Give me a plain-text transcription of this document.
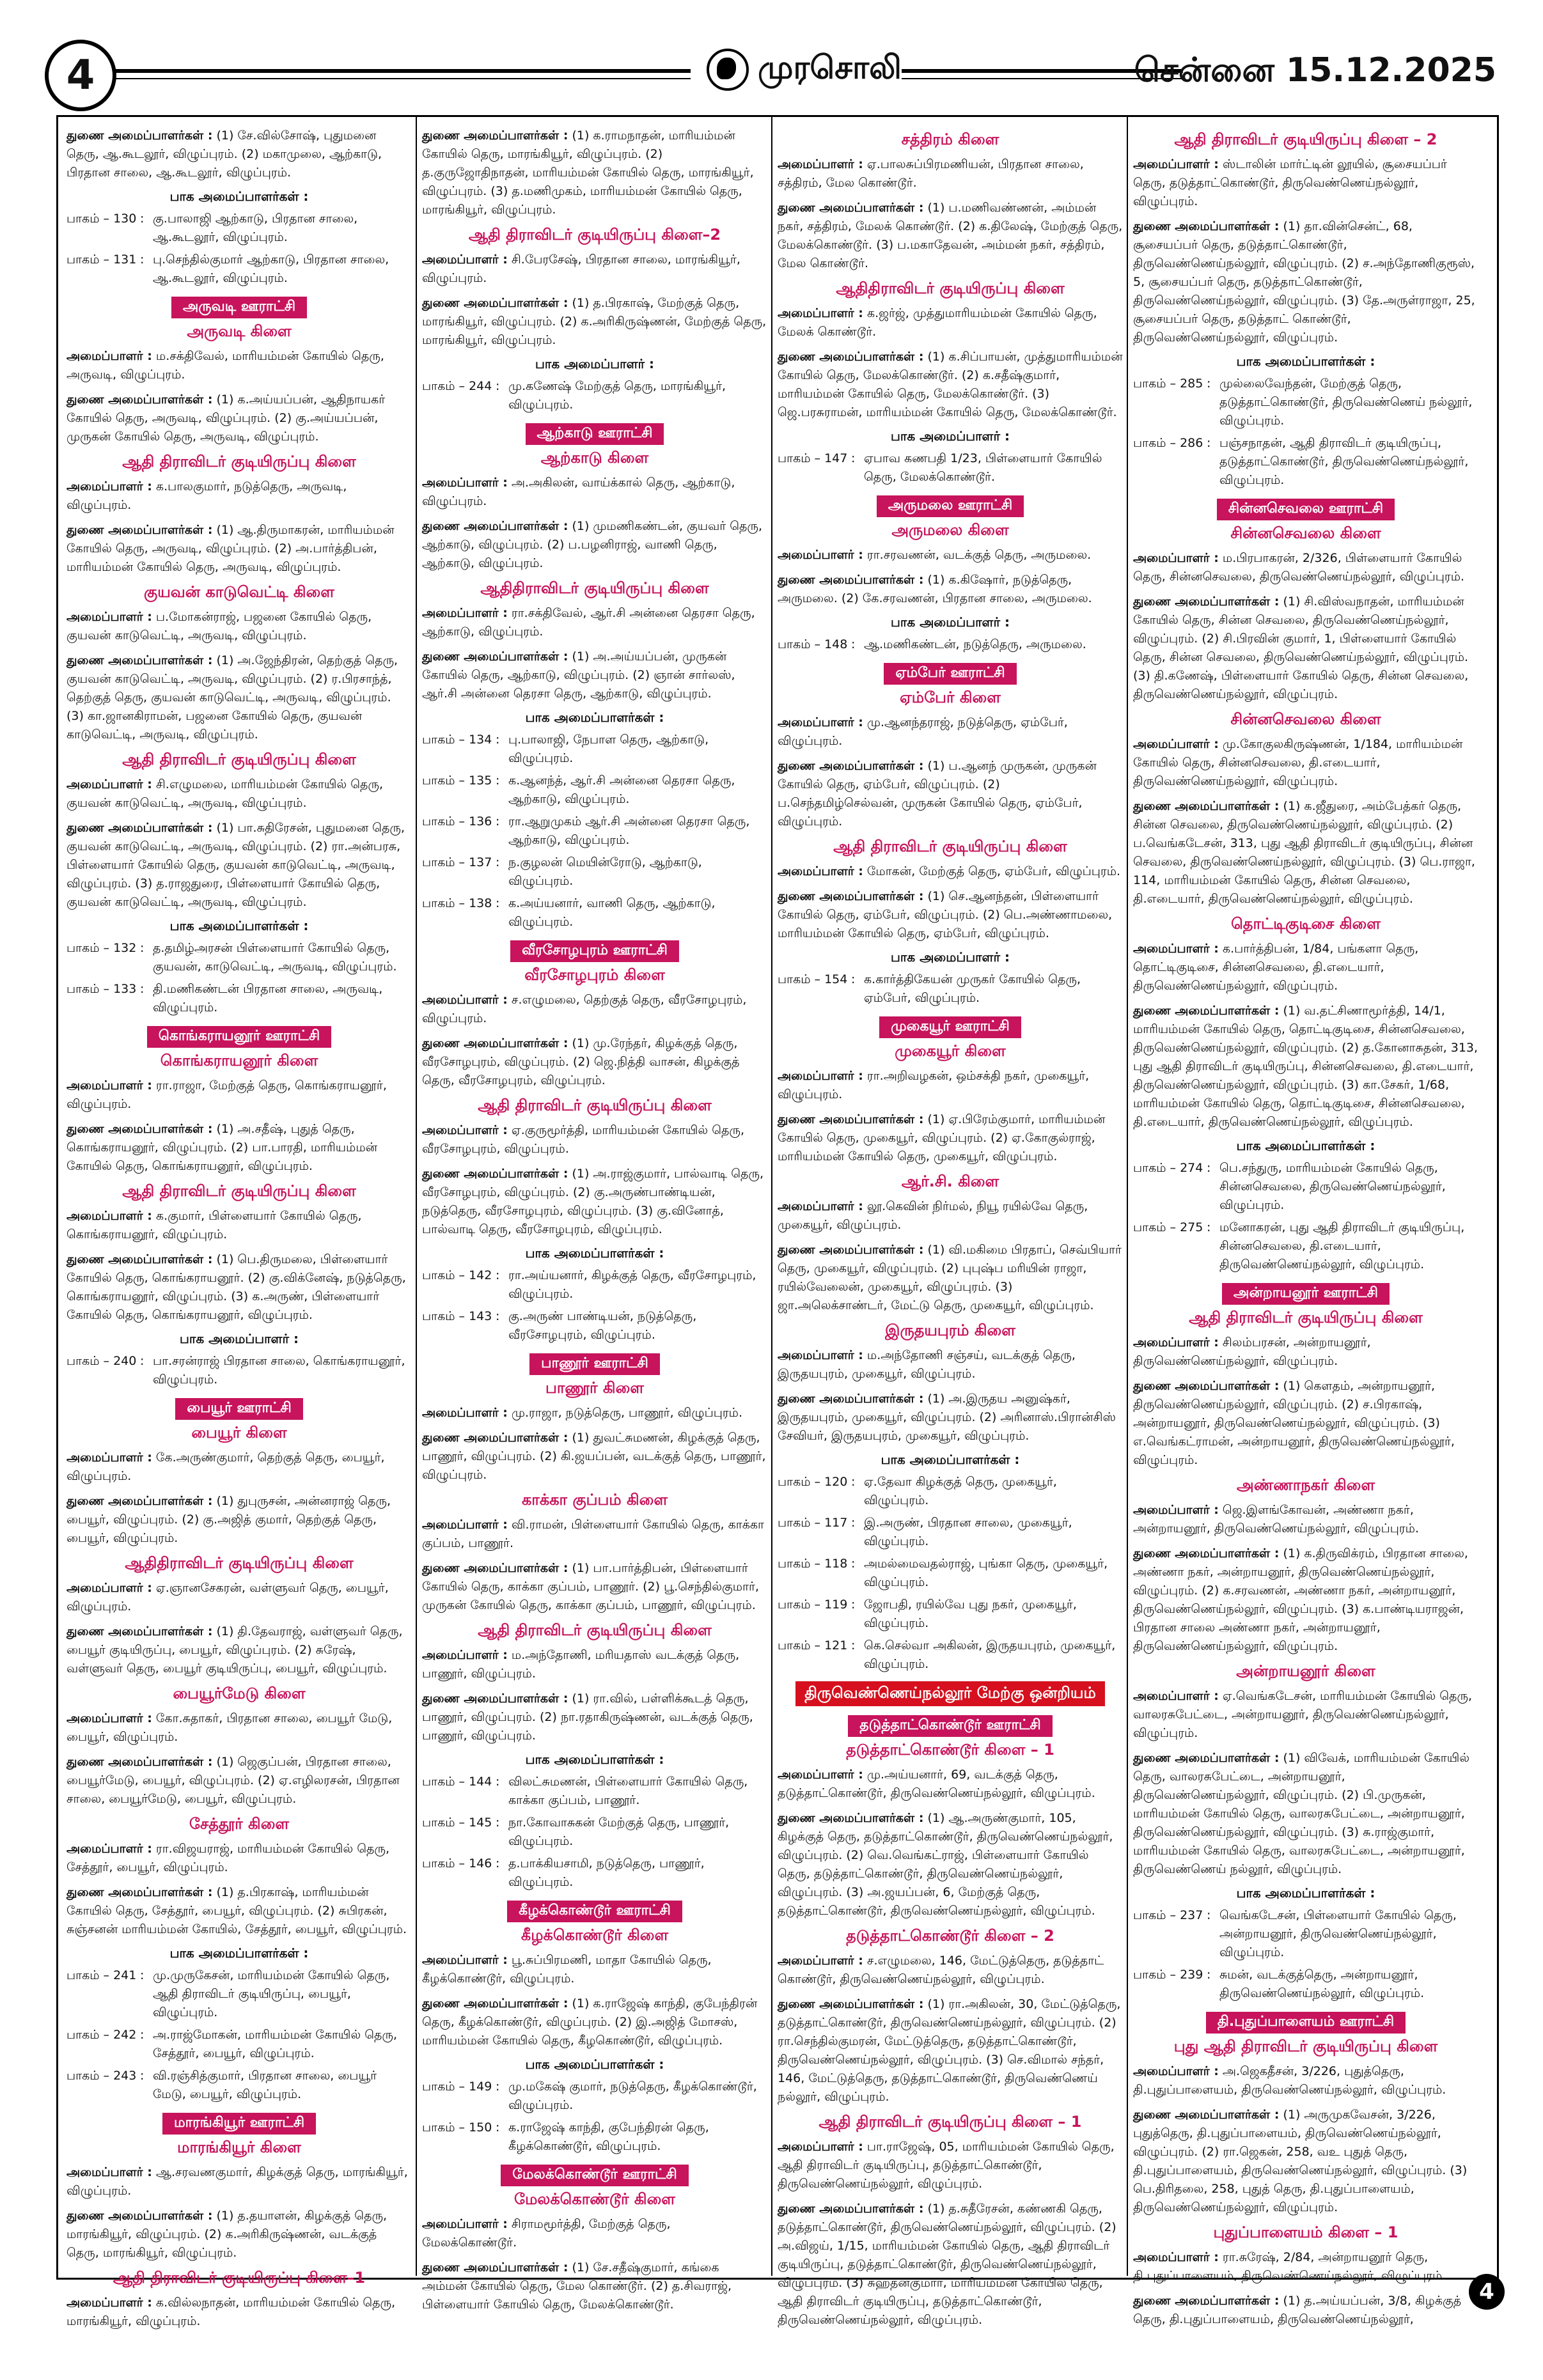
4	முரசொலி	சென்னை 15.12.2025
துணை அமைப்பாளர்கள் : (1) சே.வில்சோஷ், புதுமனை தெரு, ஆ.கூடலூர், விழுப்புரம். (2) மகாமுலை, ஆற்காடு, பிரதான சாலை, ஆ.கூடலூர், விழுப்புரம்.
பாக அமைப்பாளர்கள் :
பாகம் – 130 : கு.பாலாஜி ஆற்காடு, பிரதான சாலை, ஆ.கூடலூர், விழுப்புரம்.
பாகம் – 131 : பு.செந்தில்குமார் ஆற்காடு, பிரதான சாலை, ஆ.கூடலூர், விழுப்புரம்.
அருவடி ஊராட்சி
அருவடி கிளை
அமைப்பாளர் : ம.சக்திவேல், மாரியம்மன் கோயில் தெரு, அருவடி, விழுப்புரம்.
துணை அமைப்பாளர்கள் : (1) க.அய்யப்பன், ஆதிநாயகர் கோயில் தெரு, அருவடி, விழுப்புரம். (2) கு.அய்யப்பன், முருகன் கோயில் தெரு, அருவடி, விழுப்புரம்.
ஆதி திராவிடர் குடியிருப்பு கிளை
அமைப்பாளர் : க.பாலகுமார், நடுத்தெரு, அருவடி, விழுப்புரம்.
துணை அமைப்பாளர்கள் : (1) ஆ.திருமாகரன், மாரியம்மன் கோயில் தெரு, அருவடி, விழுப்புரம். (2) அ.பார்த்திபன், மாரியம்மன் கோயில் தெரு, அருவடி, விழுப்புரம்.
குயவன் காடுவெட்டி கிளை
அமைப்பாளர் : ப.மோகன்ராஜ், பஜனை கோயில் தெரு, குயவன் காடுவெட்டி, அருவடி, விழுப்புரம்.
துணை அமைப்பாளர்கள் : (1) அ.ஜேந்திரன், தெற்குத் தெரு, குயவன் காடுவெட்டி, அருவடி, விழுப்புரம். (2) ர.பிரசாந்த், தெற்குத் தெரு, குயவன் காடுவெட்டி, அருவடி, விழுப்புரம். (3) கா.ஜானகிராமன், பஜனை கோயில் தெரு, குயவன் காடுவெட்டி, அருவடி, விழுப்புரம்.
ஆதி திராவிடர் குடியிருப்பு கிளை
அமைப்பாளர் : சி.எழுமலை, மாரியம்மன் கோயில் தெரு, குயவன் காடுவெட்டி, அருவடி, விழுப்புரம்.
துணை அமைப்பாளர்கள் : (1) பா.சுதிரேசன், புதுமனை தெரு, குயவன் காடுவெட்டி, அருவடி, விழுப்புரம். (2) ரா.அன்பரசு, பிள்ளையார் கோயில் தெரு, குயவன் காடுவெட்டி, அருவடி, விழுப்புரம். (3) த.ராஜதுரை, பிள்ளையார் கோயில் தெரு, குயவன் காடுவெட்டி, அருவடி, விழுப்புரம்.
பாக அமைப்பாளர்கள் :
பாகம் – 132 : த.தமிழ்அரசன் பிள்ளையார் கோயில் தெரு, குயவன், காடுவெட்டி, அருவடி, விழுப்புரம்.
பாகம் – 133 : தி.மணிகண்டன் பிரதான சாலை, அருவடி, விழுப்புரம்.
கொங்கராயனூர் ஊராட்சி
கொங்கராயனூர் கிளை
அமைப்பாளர் : ரா.ராஜா, மேற்குத் தெரு, கொங்கராயனூர், விழுப்புரம்.
துணை அமைப்பாளர்கள் : (1) அ.சதீஷ், புதுத் தெரு, கொங்கராயனூர், விழுப்புரம். (2) பா.பாரதி, மாரியம்மன் கோயில் தெரு, கொங்கராயனூர், விழுப்புரம்.
ஆதி திராவிடர் குடியிருப்பு கிளை
அமைப்பாளர் : க.குமார், பிள்ளையார் கோயில் தெரு, கொங்கராயனூர், விழுப்புரம்.
துணை அமைப்பாளர்கள் : (1) பெ.திருமலை, பிள்ளையார் கோயில் தெரு, கொங்கராயனூர். (2) கு.விக்னேஷ், நடுத்தெரு, கொங்கராயனூர், விழுப்புரம். (3) க.அருண், பிள்ளையார் கோயில் தெரு, கொங்கராயனூர், விழுப்புரம்.
பாக அமைப்பாளர் :
பாகம் – 240 : பா.சரன்ராஜ் பிரதான சாலை, கொங்கராயனூர், விழுப்புரம்.
பையூர் ஊராட்சி
பையூர் கிளை
அமைப்பாளர் : கே.அருண்குமார், தெற்குத் தெரு, பையூர், விழுப்புரம்.
துணை அமைப்பாளர்கள் : (1) துபுருசன், அன்னராஜ் தெரு, பையூர், விழுப்புரம். (2) கு.அஜித் குமார், தெற்குத் தெரு, பையூர், விழுப்புரம்.
ஆதிதிராவிடர் குடியிருப்பு கிளை
அமைப்பாளர் : ஏ.ஞானசேகரன், வள்ளுவர் தெரு, பையூர், விழுப்புரம்.
துணை அமைப்பாளர்கள் : (1) தி.தேவராஜ், வள்ளுவர் தெரு, பையூர் குடியிருப்பு, பையூர், விழுப்புரம். (2) சுரேஷ், வள்ளுவர் தெரு, பையூர் குடியிருப்பு, பையூர், விழுப்புரம்.
பையூர்மேடு கிளை
அமைப்பாளர் : கோ.சுதாகர், பிரதான சாலை, பையூர் மேடு, பையூர், விழுப்புரம்.
துணை அமைப்பாளர்கள் : (1) ஜெகுப்பன், பிரதான சாலை, பையூர்மேடு, பையூர், விழுப்புரம். (2) ஏ.எழிலரசன், பிரதான சாலை, பையூர்மேடு, பையூர், விழுப்புரம்.
சேத்தூர் கிளை
அமைப்பாளர் : ரா.விஜயராஜ், மாரியம்மன் கோயில் தெரு, சேத்தூர், பையூர், விழுப்புரம்.
துணை அமைப்பாளர்கள் : (1) த.பிரகாஷ், மாரியம்மன் கோயில் தெரு, சேத்தூர், பையூர், விழுப்புரம். (2) சுபிரகன், சுஞ்சனன் மாரியம்மன் கோயில், சேத்தூர், பையூர், விழுப்புரம்.
பாக அமைப்பாளர்கள் :
பாகம் – 241 : மு.முருகேசன், மாரியம்மன் கோயில் தெரு, ஆதி திராவிடர் குடியிருப்பு, பையூர், விழுப்புரம்.
பாகம் – 242 : அ.ராஜ்மோகன், மாரியம்மன் கோயில் தெரு, சேத்தூர், பையூர், விழுப்புரம்.
பாகம் – 243 : வி.ரஞ்சித்குமார், பிரதான சாலை, பையூர் மேடு, பையூர், விழுப்புரம்.
மாரங்கியூர் ஊராட்சி
மாரங்கியூர் கிளை
அமைப்பாளர் : ஆ.சரவணகுமார், கிழக்குத் தெரு, மாரங்கியூர், விழுப்புரம்.
துணை அமைப்பாளர்கள் : (1) த.தயாளன், கிழக்குத் தெரு, மாரங்கியூர், விழுப்புரம். (2) க.அரிகிருஷ்ணன், வடக்குத் தெரு, மாரங்கியூர், விழுப்புரம்.
ஆதி திராவிடர் குடியிருப்பு கிளை–1
அமைப்பாளர் : க.வில்லநாதன், மாரியம்மன் கோயில் தெரு, மாரங்கியூர், விழுப்புரம்.
துணை அமைப்பாளர்கள் : (1) க.ராமநாதன், மாரியம்மன் கோயில் தெரு, மாரங்கியூர், விழுப்புரம். (2) த.குருஜோதிநாதன், மாரியம்மன் கோயில் தெரு, மாரங்கியூர், விழுப்புரம். (3) த.மணிமுகம், மாரியம்மன் கோயில் தெரு, மாரங்கியூர், விழுப்புரம்.
ஆதி திராவிடர் குடியிருப்பு கிளை–2
அமைப்பாளர் : சி.பேரசேஷ், பிரதான சாலை, மாரங்கியூர், விழுப்புரம்.
துணை அமைப்பாளர்கள் : (1) த.பிரகாஷ், மேற்குத் தெரு, மாரங்கியூர், விழுப்புரம். (2) க.அரிகிருஷ்ணன், மேற்குத் தெரு, மாரங்கியூர், விழுப்புரம்.
பாக அமைப்பாளர் :
பாகம் – 244 : மு.கணேஷ் மேற்குத் தெரு, மாரங்கியூர், விழுப்புரம்.
ஆற்காடு ஊராட்சி
ஆற்காடு கிளை
அமைப்பாளர் : அ.அகிலன், வாய்க்கால் தெரு, ஆற்காடு, விழுப்புரம்.
துணை அமைப்பாளர்கள் : (1) முமணிகண்டன், குயவர் தெரு, ஆற்காடு, விழுப்புரம். (2) ப.பழனிராஜ், வாணி தெரு, ஆற்காடு, விழுப்புரம்.
ஆதிதிராவிடர் குடியிருப்பு கிளை
அமைப்பாளர் : ரா.சக்திவேல், ஆர்.சி அன்னை தெரசா தெரு, ஆற்காடு, விழுப்புரம்.
துணை அமைப்பாளர்கள் : (1) அ.அய்யப்பன், முருகன் கோயில் தெரு, ஆற்காடு, விழுப்புரம். (2) ஞான் சார்லஸ், ஆர்.சி அன்னை தெரசா தெரு, ஆற்காடு, விழுப்புரம்.
பாக அமைப்பாளர்கள் :
பாகம் – 134 : பு.பாலாஜி, நேபாள தெரு, ஆற்காடு, விழுப்புரம்.
பாகம் – 135 : க.ஆனந்த், ஆர்.சி அன்னை தெரசா தெரு, ஆற்காடு, விழுப்புரம்.
பாகம் – 136 : ரா.ஆறுமுகம் ஆர்.சி அன்னை தெரசா தெரு, ஆற்காடு, விழுப்புரம்.
பாகம் – 137 : ந.குழலன் மெயின்ரோடு, ஆற்காடு, விழுப்புரம்.
பாகம் – 138 : க.அய்யனார், வாணி தெரு, ஆற்காடு, விழுப்புரம்.
வீரசோழபுரம் ஊராட்சி
வீரசோழபுரம் கிளை
அமைப்பாளர் : ச.எழுமலை, தெற்குத் தெரு, வீரசோழபுரம், விழுப்புரம்.
துணை அமைப்பாளர்கள் : (1) மு.ரேந்தர், கிழக்குத் தெரு, வீரசோழபுரம், விழுப்புரம். (2) ஜெ.நித்தி வாசன், கிழக்குத் தெரு, வீரசோழபுரம், விழுப்புரம்.
ஆதி திராவிடர் குடியிருப்பு கிளை
அமைப்பாளர் : ஏ.குருமூர்த்தி, மாரியம்மன் கோயில் தெரு, வீரசோழபுரம், விழுப்புரம்.
துணை அமைப்பாளர்கள் : (1) அ.ராஜ்குமார், பால்வாடி தெரு, வீரசோழபுரம், விழுப்புரம். (2) கு.அருண்பாண்டியன், நடுத்தெரு, வீரசோழபுரம், விழுப்புரம். (3) கு.வினோத், பால்வாடி தெரு, வீரசோழபுரம், விழுப்புரம்.
பாக அமைப்பாளர்கள் :
பாகம் – 142 : ரா.அய்யனார், கிழக்குத் தெரு, வீரசோழபுரம், விழுப்புரம்.
பாகம் – 143 : கு.அருண் பாண்டியன், நடுத்தெரு, வீரசோழபுரம், விழுப்புரம்.
பாணூர் ஊராட்சி
பாணூர் கிளை
அமைப்பாளர் : மு.ராஜா, நடுத்தெரு, பாணூர், விழுப்புரம்.
துணை அமைப்பாளர்கள் : (1) துவட்சுமணன், கிழக்குத் தெரு, பாணூர், விழுப்புரம். (2) கி.ஜயப்பன், வடக்குத் தெரு, பாணூர், விழுப்புரம்.
காக்கா குப்பம் கிளை
அமைப்பாளர் : வி.ராமன், பிள்ளையார் கோயில் தெரு, காக்கா குப்பம், பாணூர்.
துணை அமைப்பாளர்கள் : (1) பா.பார்த்திபன், பிள்ளையார் கோயில் தெரு, காக்கா குப்பம், பாணூர். (2) பூ.செந்தில்குமார், முருகன் கோயில் தெரு, காக்கா குப்பம், பாணூர், விழுப்புரம்.
ஆதி திராவிடர் குடியிருப்பு கிளை
அமைப்பாளர் : ம.அந்தோணி, மரியதாஸ் வடக்குத் தெரு, பாணூர், விழுப்புரம்.
துணை அமைப்பாளர்கள் : (1) ரா.வில், பள்ளிக்கூடத் தெரு, பாணூர், விழுப்புரம். (2) நா.ரதாகிருஷ்ணன், வடக்குத் தெரு, பாணூர், விழுப்புரம்.
பாக அமைப்பாளர்கள் :
பாகம் – 144 : விலட்சுமணன், பிள்ளையார் கோயில் தெரு, காக்கா குப்பம், பாணூர்.
பாகம் – 145 : நா.கோவாசுகன் மேற்குத் தெரு, பாணூர், விழுப்புரம்.
பாகம் – 146 : த.பாக்கியசாமி, நடுத்தெரு, பாணூர், விழுப்புரம்.
கீழக்கொண்டூர் ஊராட்சி
கீழக்கொண்டூர் கிளை
அமைப்பாளர் : பூ.சுப்பிரமணி, மாதா கோயில் தெரு, கீழக்கொண்டூர், விழுப்புரம்.
துணை அமைப்பாளர்கள் : (1) க.ராஜேஷ் காந்தி, குபேந்திரன் தெரு, கீழக்கொண்டூர், விழுப்புரம். (2) இ.அஜித் மோசஸ், மாரியம்மன் கோயில் தெரு, கீழகொண்டூர், விழுப்புரம்.
பாக அமைப்பாளர்கள் :
பாகம் – 149 : மு.மகேஷ் குமார், நடுத்தெரு, கீழக்கொண்டூர், விழுப்புரம்.
பாகம் – 150 : க.ராஜேஷ் காந்தி, குபேந்திரன் தெரு, கீழக்கொண்டூர், விழுப்புரம்.
மேலக்கொண்டூர் ஊராட்சி
மேலக்கொண்டூர் கிளை
அமைப்பாளர் : சிராமமூர்த்தி, மேற்குத் தெரு, மேலக்கொண்டூர்.
துணை அமைப்பாளர்கள் : (1) சே.சதீஷ்குமார், கங்கை அம்மன் கோயில் தெரு, மேல கொண்டூர். (2) த.சிவராஜ், பிள்ளையார் கோயில் தெரு, மேலக்கொண்டூர்.
சத்திரம் கிளை
அமைப்பாளர் : ஏ.பாலசுப்பிரமணியன், பிரதான சாலை, சத்திரம், மேல கொண்டூர்.
துணை அமைப்பாளர்கள் : (1) ப.மணிவண்ணன், அம்மன் நகர், சத்திரம், மேலக் கொண்டூர். (2) க.திலேஷ், மேற்குத் தெரு, மேலக்கொண்டூர். (3) ப.மகாதேவன், அம்மன் நகர், சத்திரம், மேல கொண்டூர்.
ஆதிதிராவிடர் குடியிருப்பு கிளை
அமைப்பாளர் : க.ஜர்ஜ், முத்துமாரியம்மன் கோயில் தெரு, மேலக் கொண்டூர்.
துணை அமைப்பாளர்கள் : (1) க.சிப்பாயன், முத்துமாரியம்மன் கோயில் தெரு, மேலக்கொண்டூர். (2) க.சதீஷ்குமார், மாரியம்மன் கோயில் தெரு, மேலக்கொண்டூர். (3) ஜெ.பரசுராமன், மாரியம்மன் கோயில் தெரு, மேலக்கொண்டூர்.
பாக அமைப்பாளர் :
பாகம் – 147 : ஏபாவ கணபதி 1/23, பிள்ளையார் கோயில் தெரு, மேலக்கொண்டூர்.
அருமலை ஊராட்சி
அருமலை கிளை
அமைப்பாளர் : ரா.சரவணன், வடக்குத் தெரு, அருமலை.
துணை அமைப்பாளர்கள் : (1) க.கிஷோர், நடுத்தெரு, அருமலை. (2) கே.சரவணன், பிரதான சாலை, அருமலை.
பாக அமைப்பாளர் :
பாகம் – 148 : ஆ.மணிகண்டன், நடுத்தெரு, அருமலை.
ஏம்பேர் ஊராட்சி
ஏம்பேர் கிளை
அமைப்பாளர் : மு.ஆனந்தராஜ், நடுத்தெரு, ஏம்பேர், விழுப்புரம்.
துணை அமைப்பாளர்கள் : (1) ப.ஆனந் முருகன், முருகன் கோயில் தெரு, ஏம்பேர், விழுப்புரம். (2) ப.செந்தமிழ்செல்வன், முருகன் கோயில் தெரு, ஏம்பேர், விழுப்புரம்.
ஆதி திராவிடர் குடியிருப்பு கிளை
அமைப்பாளர் : மோகன், மேற்குத் தெரு, ஏம்பேர், விழுப்புரம்.
துணை அமைப்பாளர்கள் : (1) செ.ஆனந்தன், பிள்ளையார் கோயில் தெரு, ஏம்பேர், விழுப்புரம். (2) பெ.அண்ணாமலை, மாரியம்மன் கோயில் தெரு, ஏம்பேர், விழுப்புரம்.
பாக அமைப்பாளர் :
பாகம் – 154 : க.கார்த்திகேயன் முருகர் கோயில் தெரு, ஏம்பேர், விழுப்புரம்.
முகையூர் ஊராட்சி
முகையூர் கிளை
அமைப்பாளர் : ரா.அறிவழகன், ஒம்சக்தி நகர், முகையூர், விழுப்புரம்.
துணை அமைப்பாளர்கள் : (1) ஏ.பிரேம்குமார், மாரியம்மன் கோயில் தெரு, முகையூர், விழுப்புரம். (2) ஏ.கோகுல்ராஜ், மாரியம்மன் கோயில் தெரு, முகையூர், விழுப்புரம்.
ஆர்.சி. கிளை
அமைப்பாளர் : லூ.கெவின் நிர்மல், நியூ ரயில்வே தெரு, முகையூர், விழுப்புரம்.
துணை அமைப்பாளர்கள் : (1) வி.மகிமை பிரதாப், செவ்பியார் தெரு, முகையூர், விழுப்புரம். (2) புபுஷ்ப மரியின் ராஜா, ரயில்வேலைன், முகையூர், விழுப்புரம். (3) ஜா.அலெக்சாண்டர், மேட்டு தெரு, முகையூர், விழுப்புரம்.
இருதயபுரம் கிளை
அமைப்பாளர் : ம.அந்தோணி சஞ்சய், வடக்குத் தெரு, இருதயபுரம், முகையூர், விழுப்புரம்.
துணை அமைப்பாளர்கள் : (1) அ.இருதய அனுஷ்கர், இருதயபுரம், முகையூர், விழுப்புரம். (2) அரினாஸ்.பிரான்சிஸ் சேவியர், இருதயபுரம், முகையூர், விழுப்புரம்.
பாக அமைப்பாளர்கள் :
பாகம் – 120 : ஏ.தேவா கிழக்குத் தெரு, முகையூர், விழுப்புரம்.
பாகம் – 117 : இ.அருண், பிரதான சாலை, முகையூர், விழுப்புரம்.
பாகம் – 118 : அமல்மைவதல்ராஜ், புங்கா தெரு, முகையூர், விழுப்புரம்.
பாகம் – 119 : ஜோபதி, ரயில்வே புது நகர், முகையூர், விழுப்புரம்.
பாகம் – 121 : கெ.செல்வா அகிலன், இருதயபுரம், முகையூர், விழுப்புரம்.
திருவெண்ணெய்நல்லூர் மேற்கு ஒன்றியம்
தடுத்தாட்கொண்டூர் ஊராட்சி
தடுத்தாட்கொண்டூர் கிளை – 1
அமைப்பாளர் : மு.அய்யனார், 69, வடக்குத் தெரு, தடுத்தாட்கொண்டூர், திருவெண்ணெய்நல்லூர், விழுப்புரம்.
துணை அமைப்பாளர்கள் : (1) ஆ.அருண்குமார், 105, கிழக்குத் தெரு, தடுத்தாட்கொண்டூர், திருவெண்ணெய்நல்லூர், விழுப்புரம். (2) வெ.வெங்கட்ராஜ், பிள்ளையார் கோயில் தெரு, தடுத்தாட்கொண்டூர், திருவெண்ணெய்நல்லூர், விழுப்புரம். (3) அ.ஜயப்பன், 6, மேற்குத் தெரு, தடுத்தாட்கொண்டூர், திருவெண்ணெய்நல்லூர், விழுப்புரம்.
தடுத்தாட்கொண்டூர் கிளை – 2
அமைப்பாளர் : ச.எழுமலை, 146, மேட்டுத்தெரு, தடுத்தாட் கொண்டூர், திருவெண்ணெய்நல்லூர், விழுப்புரம்.
துணை அமைப்பாளர்கள் : (1) ரா.அகிலன், 30, மேட்டுத்தெரு, தடுத்தாட்கொண்டூர், திருவெண்ணெய்நல்லூர், விழுப்புரம். (2) ரா.செந்தில்குமரன், மேட்டுத்தெரு, தடுத்தாட்கொண்டூர், திருவெண்ணெய்நல்லூர், விழுப்புரம். (3) செ.விமால் சந்தர், 146, மேட்டுத்தெரு, தடுத்தாட்கொண்டூர், திருவெண்ணெய் நல்லூர், விழுப்புரம்.
ஆதி திராவிடர் குடியிருப்பு கிளை – 1
அமைப்பாளர் : பா.ராஜேஷ், 05, மாரியம்மன் கோயில் தெரு, ஆதி திராவிடர் குடியிருப்பு, தடுத்தாட்கொண்டூர், திருவெண்ணெய்நல்லூர், விழுப்புரம்.
துணை அமைப்பாளர்கள் : (1) த.சுதீரேசன், கண்ணகி தெரு, தடுத்தாட்கொண்டூர், திருவெண்ணெய்நல்லூர், விழுப்புரம். (2) அ.விஜய், 1/15, மாரியம்மன் கோயில் தெரு, ஆதி திராவிடர் குடியிருப்பு, தடுத்தாட்கொண்டூர், திருவெண்ணெய்நல்லூர், விழுப்புரம். (3) சுஹதன்குமார், மாரியம்மன் கோயில் தெரு, ஆதி திராவிடர் குடியிருப்பு, தடுத்தாட்கொண்டூர், திருவெண்ணெய்நல்லூர், விழுப்புரம்.
ஆதி திராவிடர் குடியிருப்பு கிளை – 2
அமைப்பாளர் : ஸ்டாலின் மார்ட்டின் லூயில், சூசையப்பர் தெரு, தடுத்தாட்கொண்டூர், திருவெண்ணெய்நல்லூர், விழுப்புரம்.
துணை அமைப்பாளர்கள் : (1) தா.வின்சென்ட், 68, சூசையப்பர் தெரு, தடுத்தாட்கொண்டூர், திருவெண்ணெய்நல்லூர், விழுப்புரம். (2) ச.அந்தோணிகுரூஸ், 5, சூசையப்பர் தெரு, தடுத்தாட்கொண்டூர், திருவெண்ணெய்நல்லூர், விழுப்புரம். (3) தே.அருள்ராஜா, 25, சூசையப்பர் தெரு, தடுத்தாட் கொண்டூர், திருவெண்ணெய்நல்லூர், விழுப்புரம்.
பாக அமைப்பாளர்கள் :
பாகம் – 285 : முல்லைவேந்தன், மேற்குத் தெரு, தடுத்தாட்கொண்டூர், திருவெண்ணெய் நல்லூர், விழுப்புரம்.
பாகம் – 286 : பஞ்சநாதன், ஆதி திராவிடர் குடியிருப்பு, தடுத்தாட்கொண்டூர், திருவெண்ணெய்நல்லூர், விழுப்புரம்.
சின்னசெவலை ஊராட்சி
சின்னசெவலை கிளை
அமைப்பாளர் : ம.பிரபாகரன், 2/326, பிள்ளையார் கோயில் தெரு, சின்னசெவலை, திருவெண்ணெய்நல்லூர், விழுப்புரம்.
துணை அமைப்பாளர்கள் : (1) சி.விஸ்வநாதன், மாரியம்மன் கோயில் தெரு, சின்ன செவலை, திருவெண்ணெய்நல்லூர், விழுப்புரம். (2) சி.பிரவின் குமார், 1, பிள்ளையார் கோயில் தெரு, சின்ன செவலை, திருவெண்ணெய்நல்லூர், விழுப்புரம். (3) தி.கணேஷ், பிள்ளையார் கோயில் தெரு, சின்ன செவலை, திருவெண்ணெய்நல்லூர், விழுப்புரம்.
சின்னசெவலை கிளை
அமைப்பாளர் : மு.கோகுலகிருஷ்ணன், 1/184, மாரியம்மன் கோயில் தெரு, சின்னசெவலை, தி.எடையார், திருவெண்ணெய்நல்லூர், விழுப்புரம்.
துணை அமைப்பாளர்கள் : (1) க.ஜீதுரை, அம்பேத்கர் தெரு, சின்ன செவலை, திருவெண்ணெய்நல்லூர், விழுப்புரம். (2) ப.வெங்கடேசன், 313, புது ஆதி திராவிடர் குடியிருப்பு, சின்ன செவலை, திருவெண்ணெய்நல்லூர், விழுப்புரம். (3) பெ.ராஜா, 114, மாரியம்மன் கோயில் தெரு, சின்ன செவலை, தி.எடையார், திருவெண்ணெய்நல்லூர், விழுப்புரம்.
தொட்டிகுடிசை கிளை
அமைப்பாளர் : க.பார்த்திபன், 1/84, பங்களா தெரு, தொட்டிகுடிசை, சின்னசெவலை, தி.எடையார், திருவெண்ணெய்நல்லூர், விழுப்புரம்.
துணை அமைப்பாளர்கள் : (1) வ.தட்சிணாமூர்த்தி, 14/1, மாரியம்மன் கோயில் தெரு, தொட்டிகுடிசை, சின்னசெவலை, திருவெண்ணெய்நல்லூர், விழுப்புரம். (2) த.கோனாசுதன், 313, புது ஆதி திராவிடர் குடியிருப்பு, சின்னசெவலை, தி.எடையார், திருவெண்ணெய்நல்லூர், விழுப்புரம். (3) கா.சேகர், 1/68, மாரியம்மன் கோயில் தெரு, தொட்டிகுடிசை, சின்னசெவலை, தி.எடையார், திருவெண்ணெய்நல்லூர், விழுப்புரம்.
பாக அமைப்பாளர்கள் :
பாகம் – 274 : பெ.சந்துரு, மாரியம்மன் கோயில் தெரு, சின்னசெவலை, திருவெண்ணெய்நல்லூர், விழுப்புரம்.
பாகம் – 275 : மனோகரன், புது ஆதி திராவிடர் குடியிருப்பு, சின்னசெவலை, தி.எடையார், திருவெண்ணெய்நல்லூர், விழுப்புரம்.
அன்றாயனூர் ஊராட்சி
ஆதி திராவிடர் குடியிருப்பு கிளை
அமைப்பாளர் : சிலம்பரசன், அன்றாயனூர், திருவெண்ணெய்நல்லூர், விழுப்புரம்.
துணை அமைப்பாளர்கள் : (1) கௌதம், அன்றாயனூர், திருவெண்ணெய்நல்லூர், விழுப்புரம். (2) ச.பிரகாஷ், அன்றாயனூர், திருவெண்ணெய்நல்லூர், விழுப்புரம். (3) எ.வெங்கட்ராமன், அன்றாயனூர், திருவெண்ணெய்நல்லூர், விழுப்புரம்.
அண்ணாநகர் கிளை
அமைப்பாளர் : ஜெ.இளங்கோவன், அண்ணா நகர், அன்றாயனூர், திருவெண்ணெய்நல்லூர், விழுப்புரம்.
துணை அமைப்பாளர்கள் : (1) க.திருவிக்ரம், பிரதான சாலை, அண்ணா நகர், அன்றாயனூர், திருவெண்ணெய்நல்லூர், விழுப்புரம். (2) க.சரவணன், அண்ணா நகர், அன்றாயனூர், திருவெண்ணெய்நல்லூர், விழுப்புரம். (3) க.பாண்டியராஜன், பிரதான சாலை அண்ணா நகர், அன்றாயனூர், திருவெண்ணெய்நல்லூர், விழுப்புரம்.
அன்றாயனூர் கிளை
அமைப்பாளர் : ஏ.வெங்கடேசன், மாரியம்மன் கோயில் தெரு, வாலரசுபேட்டை, அன்றாயனூர், திருவெண்ணெய்நல்லூர், விழுப்புரம்.
துணை அமைப்பாளர்கள் : (1) விவேக், மாரியம்மன் கோயில் தெரு, வாலரசுபேட்டை, அன்றாயனூர், திருவெண்ணெய்நல்லூர், விழுப்புரம். (2) பி.முருகன், மாரியம்மன் கோயில் தெரு, வாலரசுபேட்டை, அன்றாயனூர், திருவெண்ணெய்நல்லூர், விழுப்புரம். (3) சு.ராஜ்குமார், மாரியம்மன் கோயில் தெரு, வாலரசுபேட்டை, அன்றாயனூர், திருவெண்ணெய் நல்லூர், விழுப்புரம்.
பாக அமைப்பாளர்கள் :
பாகம் – 237 : வெங்கடேசன், பிள்ளையார் கோயில் தெரு, அன்றாயனூர், திருவெண்ணெய்நல்லூர், விழுப்புரம்.
பாகம் – 239 : சுமன், வடக்குத்தெரு, அன்றாயனூர், திருவெண்ணெய்நல்லூர், விழுப்புரம்.
தி.புதுப்பாளையம் ஊராட்சி
புது ஆதி திராவிடர் குடியிருப்பு கிளை
அமைப்பாளர் : அ.ஜெகதீசன், 3/226, புதுத்தெரு, தி.புதுப்பாளையம், திருவெண்ணெய்நல்லூர், விழுப்புரம்.
துணை அமைப்பாளர்கள் : (1) அருமுகவேசன், 3/226, புதுத்தெரு, தி.புதுப்பாளையம், திருவெண்ணெய்நல்லூர், விழுப்புரம். (2) ரா.ஜெகன், 258, வஉ புதுத் தெரு, தி.புதுப்பாளையம், திருவெண்ணெய்நல்லூர், விழுப்புரம். (3) பெ.திரிதலை, 258, புதுத் தெரு, தி.புதுப்பாளையம், திருவெண்ணெய்நல்லூர், விழுப்புரம்.
புதுப்பாளையம் கிளை – 1
அமைப்பாளர் : ரா.சுரேஷ், 2/84, அன்றாயனூர் தெரு, தி.புதுப்பாளையம், திருவெண்ணெய்நல்லூர், விழுப்புரம்.
துணை அமைப்பாளர்கள் : (1) த.அய்யப்பன், 3/8, கிழக்குத் தெரு, தி.புதுப்பாளையம், திருவெண்ணெய்நல்லூர்,
4
